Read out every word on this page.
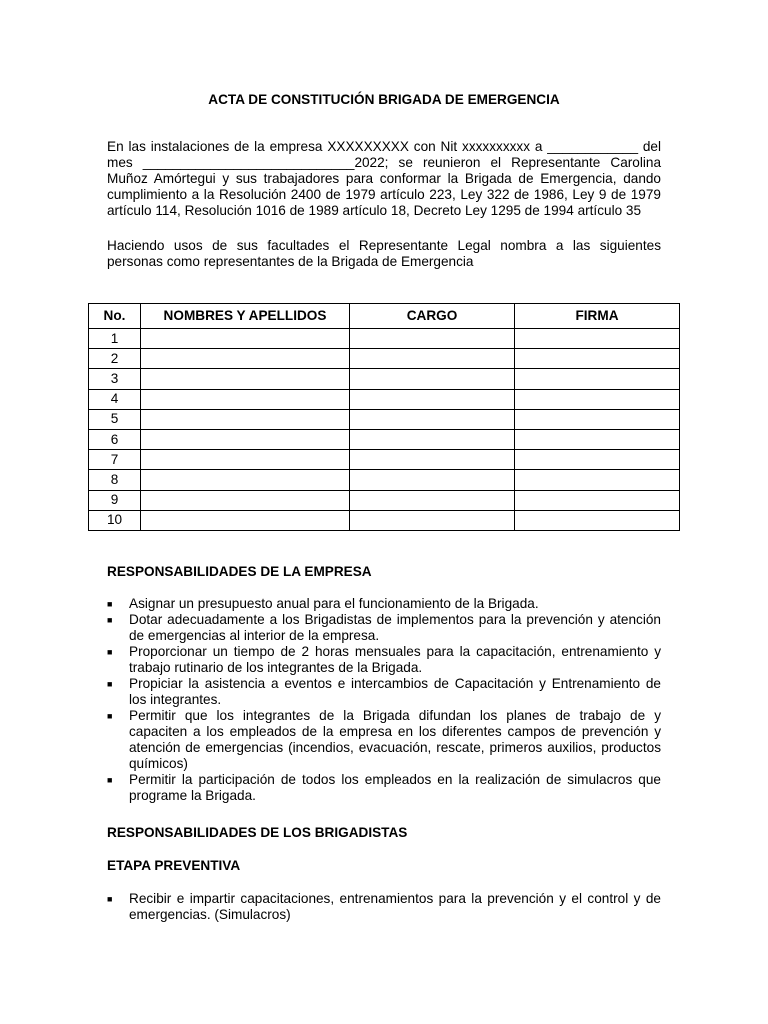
ACTA DE CONSTITUCIÓN BRIGADA DE EMERGENCIA

En las instalaciones de la empresa XXXXXXXXX con Nit xxxxxxxxxx a ____________ del
mes ____________________________2022; se reunieron el Representante Carolina
Muñoz Amórtegui y sus trabajadores para conformar la Brigada de Emergencia, dando
cumplimiento a la Resolución 2400 de 1979 artículo 223, Ley 322 de 1986, Ley 9 de 1979
artículo 114, Resolución 1016 de 1989 artículo 18, Decreto Ley 1295 de 1994 artículo 35

Haciendo usos de sus facultades el Representante Legal nombra a las siguientes
personas como representantes de la Brigada de Emergencia

No.	NOMBRES Y APELLIDOS	CARGO	FIRMA
1			
2			
3			
4			
5			
6			
7			
8			
9			
10			
RESPONSABILIDADES DE LA EMPRESA
■ Asignar un presupuesto anual para el funcionamiento de la Brigada.
■ Dotar adecuadamente a los Brigadistas de implementos para la prevención y atención
de emergencias al interior de la empresa.
■ Proporcionar un tiempo de 2 horas mensuales para la capacitación, entrenamiento y
trabajo rutinario de los integrantes de la Brigada.
■ Propiciar la asistencia a eventos e intercambios de Capacitación y Entrenamiento de
los integrantes.
■ Permitir que los integrantes de la Brigada difundan los planes de trabajo de y
capaciten a los empleados de la empresa en los diferentes campos de prevención y
atención de emergencias (incendios, evacuación, rescate, primeros auxilios, productos
químicos)
■ Permitir la participación de todos los empleados en la realización de simulacros que
programe la Brigada.
RESPONSABILIDADES DE LOS BRIGADISTAS
ETAPA PREVENTIVA
■ Recibir e impartir capacitaciones, entrenamientos para la prevención y el control y de
emergencias. (Simulacros)
